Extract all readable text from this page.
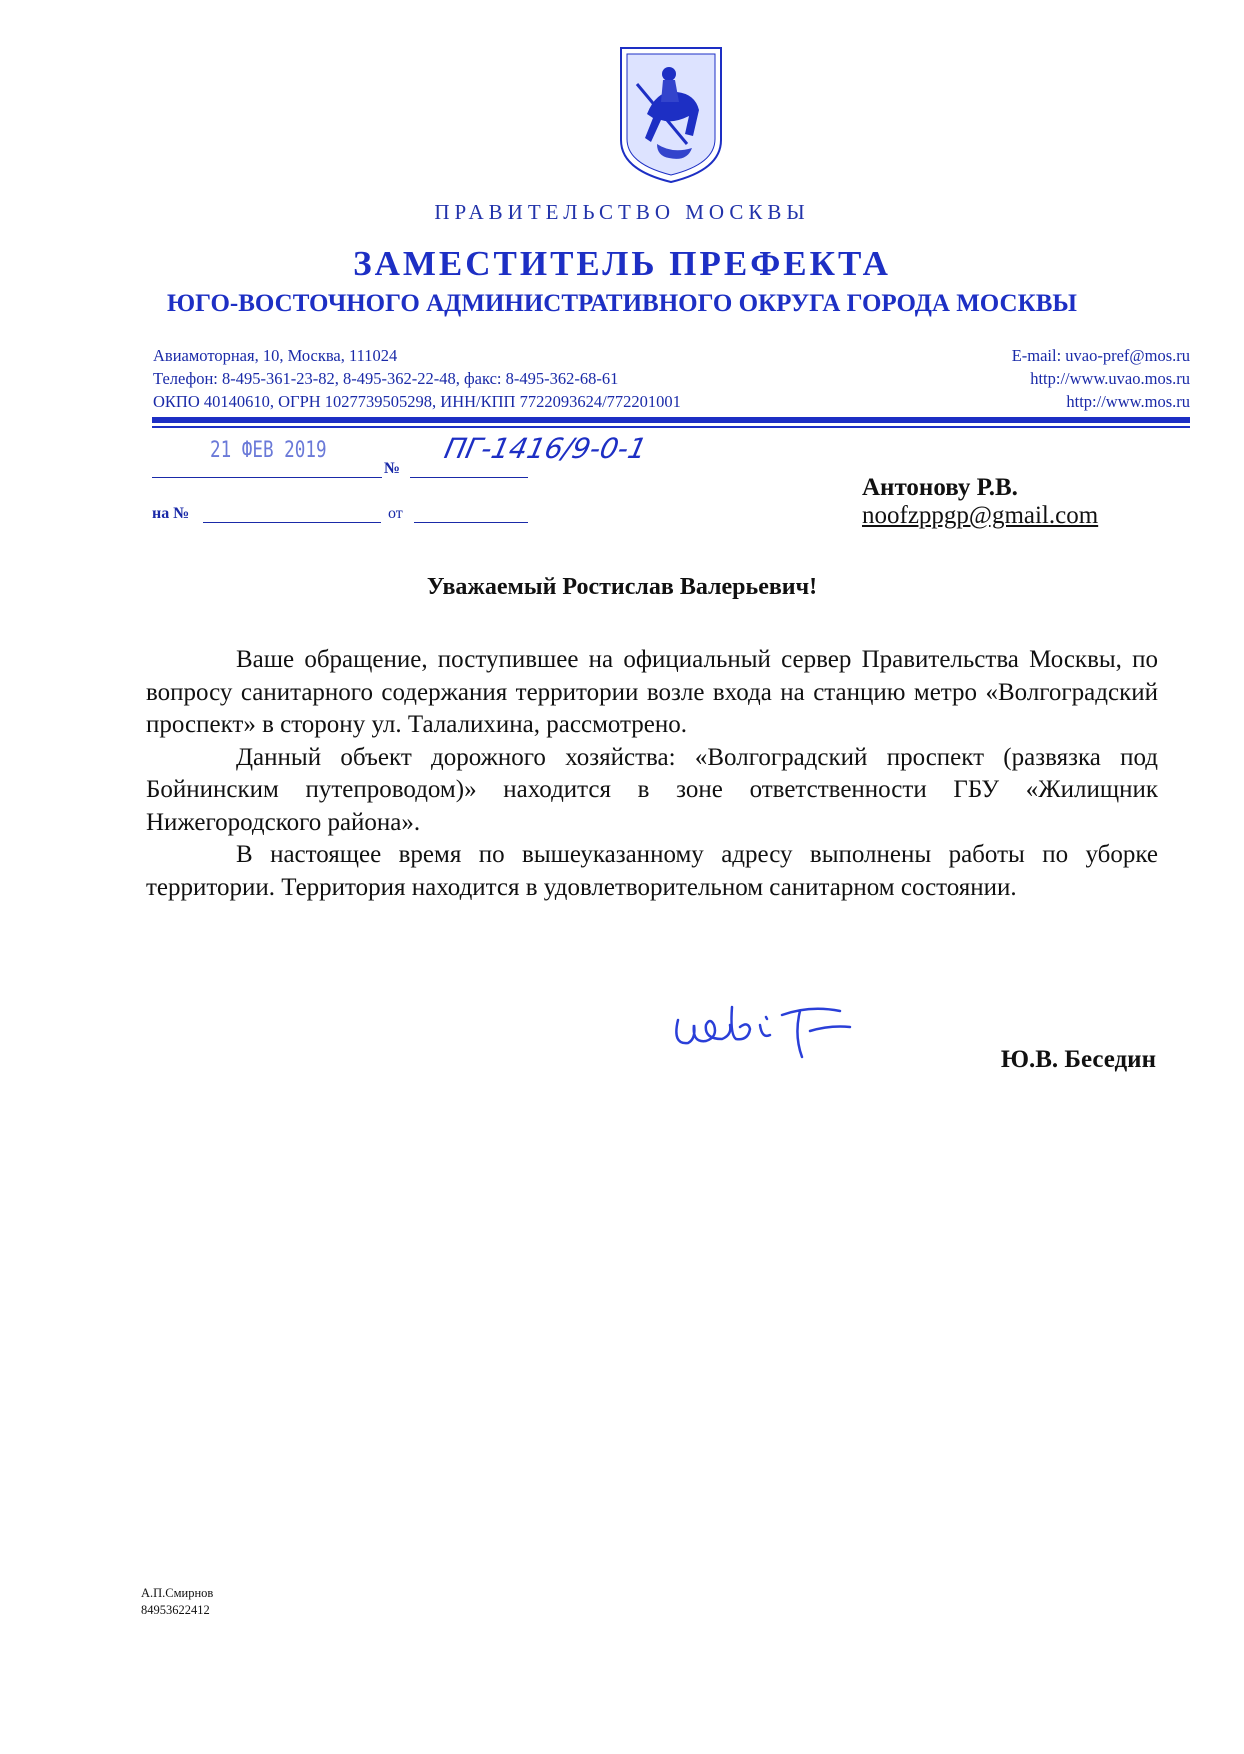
ПРАВИТЕЛЬСТВО МОСКВЫ
ЗАМЕСТИТЕЛЬ ПРЕФЕКТА
ЮГО-ВОСТОЧНОГО АДМИНИСТРАТИВНОГО ОКРУГА ГОРОДА МОСКВЫ
Авиамоторная, 10, Москва, 111024
Телефон: 8-495-361-23-82, 8-495-362-22-48, факс: 8-495-362-68-61
ОКПО 40140610, ОГРН 1027739505298, ИНН/КПП 7722093624/772201001
E-mail: uvao-pref@mos.ru
http://www.uvao.mos.ru
http://www.mos.ru
21 ФЕВ 2019
№
ПГ-1416/9-0-1
на №	от
Антонову Р.В.
noofzppgp@gmail.com
Уважаемый Ростислав Валерьевич!

Ваше обращение, поступившее на официальный сервер Правительства Москвы, по вопросу санитарного содержания территории возле входа на станцию метро «Волгоградский проспект» в сторону ул. Талалихина, рассмотрено.

Данный объект дорожного хозяйства: «Волгоградский проспект (развязка под Бойнинским путепроводом)» находится в зоне ответственности ГБУ «Жилищник Нижегородского района».

В настоящее время по вышеуказанному адресу выполнены работы по уборке территории. Территория находится в удовлетворительном санитарном состоянии.

Ю.В. Беседин
А.П.Смирнов
84953622412
